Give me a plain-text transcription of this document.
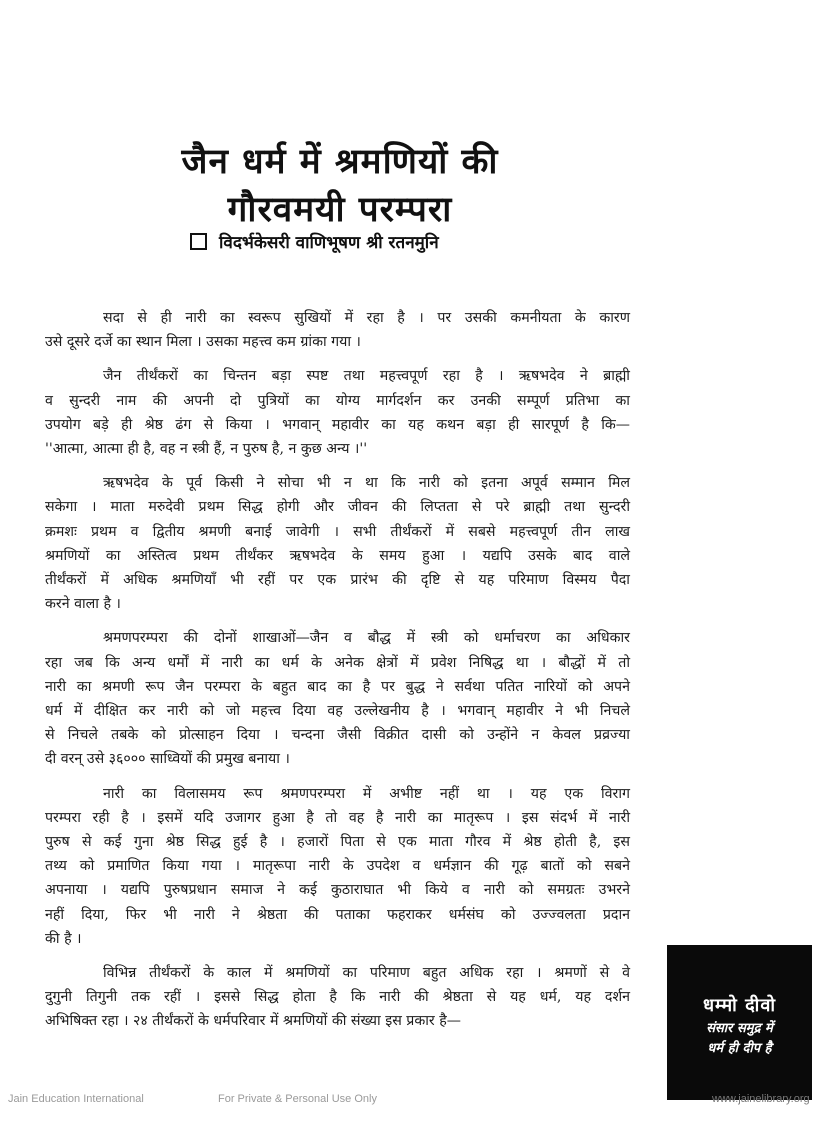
जैन धर्म में श्रमणियों की
गौरवमयी परम्परा
विदर्भकेसरी वाणिभूषण श्री रतनमुनि
सदा से ही नारी का स्वरूप सुखियों में रहा है । पर उसकी कमनीयता के कारण
उसे दूसरे दर्जे का स्थान मिला । उसका महत्त्व कम ग्रांका गया ।
जैन तीर्थंकरों का चिन्तन बड़ा स्पष्ट तथा महत्त्वपूर्ण रहा है । ऋषभदेव ने ब्राह्मी
व सुन्दरी नाम की अपनी दो पुत्रियों का योग्य मार्गदर्शन कर उनकी सम्पूर्ण प्रतिभा का
उपयोग बड़े ही श्रेष्ठ ढंग से किया । भगवान् महावीर का यह कथन बड़ा ही सारपूर्ण है कि—
''आत्मा, आत्मा ही है, वह न स्त्री हैं, न पुरुष है, न कुछ अन्य ।''
ऋषभदेव के पूर्व किसी ने सोचा भी न था कि नारी को इतना अपूर्व सम्मान मिल
सकेगा । माता मरुदेवी प्रथम सिद्ध होगी और जीवन की लिप्तता से परे ब्राह्मी तथा सुन्दरी
क्रमशः प्रथम व द्वितीय श्रमणी बनाई जावेगी । सभी तीर्थंकरों में सबसे महत्त्वपूर्ण तीन लाख
श्रमणियों का अस्तित्व प्रथम तीर्थंकर ऋषभदेव के समय हुआ । यद्यपि उसके बाद वाले
तीर्थंकरों में अधिक श्रमणियाँ भी रहीं पर एक प्रारंभ की दृष्टि से यह परिमाण विस्मय पैदा
करने वाला है ।
श्रमणपरम्परा की दोनों शाखाओं—जैन व बौद्ध में स्त्री को धर्माचरण का अधिकार
रहा जब कि अन्य धर्मों में नारी का धर्म के अनेक क्षेत्रों में प्रवेश निषिद्ध था । बौद्धों में तो
नारी का श्रमणी रूप जैन परम्परा के बहुत बाद का है पर बुद्ध ने सर्वथा पतित नारियों को अपने
धर्म में दीक्षित कर नारी को जो महत्त्व दिया वह उल्लेखनीय है । भगवान् महावीर ने भी निचले
से निचले तबके को प्रोत्साहन दिया । चन्दना जैसी विक्रीत दासी को उन्होंने न केवल प्रव्रज्या
दी वरन् उसे ३६००० साध्वियों की प्रमुख बनाया ।
नारी का विलासमय रूप श्रमणपरम्परा में अभीष्ट नहीं था । यह एक विराग
परम्परा रही है । इसमें यदि उजागर हुआ है तो वह है नारी का मातृरूप । इस संदर्भ में नारी
पुरुष से कई गुना श्रेष्ठ सिद्ध हुई है । हजारों पिता से एक माता गौरव में श्रेष्ठ होती है, इस
तथ्य को प्रमाणित किया गया । मातृरूपा नारी के उपदेश व धर्मज्ञान की गूढ़ बातों को सबने
अपनाया । यद्यपि पुरुषप्रधान समाज ने कई कुठाराघात भी किये व नारी को समग्रतः उभरने
नहीं दिया, फिर भी नारी ने श्रेष्ठता की पताका फहराकर धर्मसंघ को उज्ज्वलता प्रदान
की है ।
विभिन्न तीर्थंकरों के काल में श्रमणियों का परिमाण बहुत अधिक रहा । श्रमणों से वे
दुगुनी तिगुनी तक रहीं । इससे सिद्ध होता है कि नारी की श्रेष्ठता से यह धर्म, यह दर्शन
अभिषिक्त रहा । २४ तीर्थंकरों के धर्मपरिवार में श्रमणियों की संख्या इस प्रकार है—
धम्मो दीवो
संसार समुद्र में
धर्म ही दीप है
Jain Education International	For Private & Personal Use Only	www.jainelibrary.org
